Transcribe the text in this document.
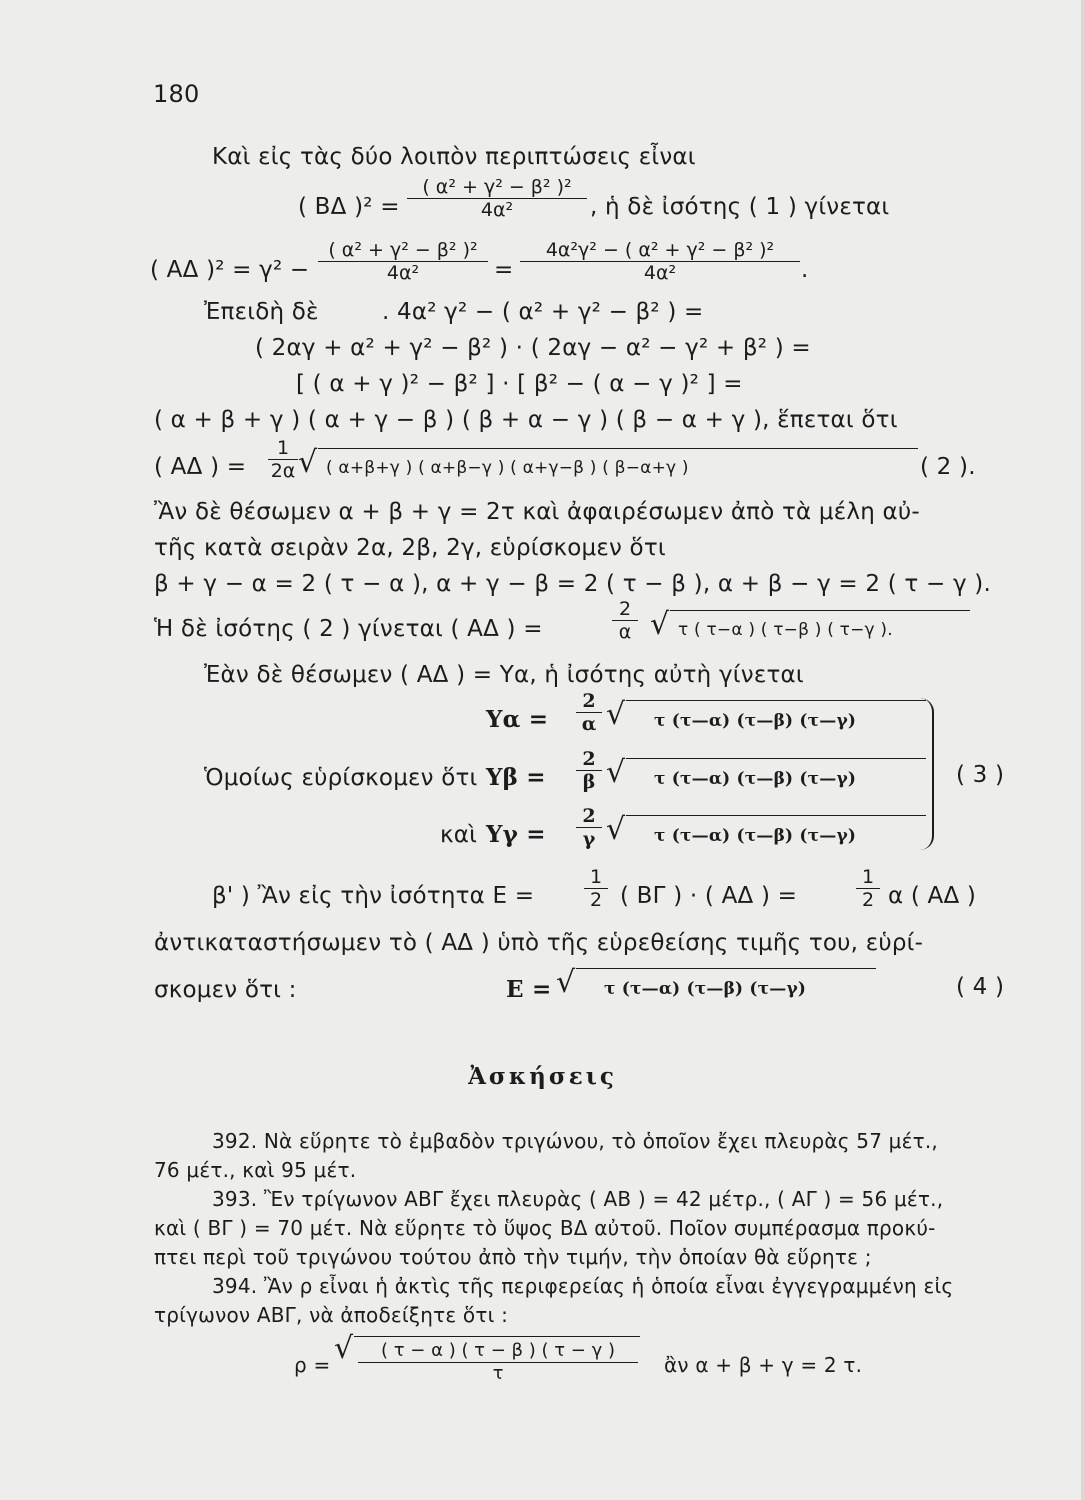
180
Καὶ εἰς τὰς δύο λοιπὸν περιπτώσεις εἶναι
( ΒΔ )² =
( α² + γ² − β² )²
4α²	, ἡ δὲ ἰσότης ( 1 ) γίνεται
( ΑΔ )² = γ² −
( α² + γ² − β² )²
4α²	=
4α²γ² − ( α² + γ² − β² )²
4α²	.
Ἐπειδὴ δὲ	. 4α² γ² − ( α² + γ² − β² ) =
( 2αγ + α² + γ² − β² ) · ( 2αγ − α² − γ² + β² ) =
[ ( α + γ )² − β² ] · [ β² − ( α − γ )² ] =
( α + β + γ ) ( α + γ − β ) ( β + α − γ ) ( β − α + γ ), ἕπεται ὅτι
( ΑΔ ) =
1
2α √ ( α+β+γ ) ( α+β−γ ) ( α+γ−β ) ( β−α+γ )	( 2 ).
Ἂν δὲ θέσωμεν α + β + γ = 2τ καὶ ἀφαιρέσωμεν ἀπὸ τὰ μέλη αὐ-
τῆς κατὰ σειρὰν 2α, 2β, 2γ, εὑρίσκομεν ὅτι
β + γ − α = 2 ( τ − α ), α + γ − β = 2 ( τ − β ), α + β − γ = 2 ( τ − γ ).
Ἡ δὲ ἰσότης ( 2 ) γίνεται ( ΑΔ ) =
2
α √ τ ( τ−α ) ( τ−β ) ( τ−γ ).
Ἐὰν δὲ θέσωμεν ( ΑΔ ) = Υα, ἡ ἰσότης αὐτὴ γίνεται
Υα =
2
α √ τ (τ—α) (τ—β) (τ—γ)
Ὁμοίως εὑρίσκομεν ὅτι Υβ =
2
β √ τ (τ—α) (τ—β) (τ—γ)	( 3 )
καὶ Υγ =
2
γ √ τ (τ—α) (τ—β) (τ—γ)
β' ) Ἂν εἰς τὴν ἰσότητα Ε =
1
2 ( ΒΓ ) · ( ΑΔ ) =
1
2 α ( ΑΔ )
ἀντικαταστήσωμεν τὸ ( ΑΔ ) ὑπὸ τῆς εὑρεθείσης τιμῆς του, εὑρί-
σκομεν ὅτι :	Ε = √ τ (τ—α) (τ—β) (τ—γ)	( 4 )
Ἀσκήσεις
392. Νὰ εὕρητε τὸ ἐμβαδὸν τριγώνου, τὸ ὁποῖον ἔχει πλευρὰς 57 μέτ.,
76 μέτ., καὶ 95 μέτ.
393. Ἒν τρίγωνον ΑΒΓ ἔχει πλευρὰς ( ΑΒ ) = 42 μέτρ., ( ΑΓ ) = 56 μέτ.,
καὶ ( ΒΓ ) = 70 μέτ. Νὰ εὕρητε τὸ ὕψος ΒΔ αὐτοῦ. Ποῖον συμπέρασμα προκύ-
πτει περὶ τοῦ τριγώνου τούτου ἀπὸ τὴν τιμήν, τὴν ὁποίαν θὰ εὕρητε ;
394. Ἂν ρ εἶναι ἡ ἀκτὶς τῆς περιφερείας ἡ ὁποία εἶναι ἐγγεγραμμένη εἰς
τρίγωνον ΑΒΓ, νὰ ἀποδείξητε ὅτι :
ρ = √	( τ − α ) ( τ − β ) ( τ − γ )
τ	ἂν α + β + γ = 2 τ.
